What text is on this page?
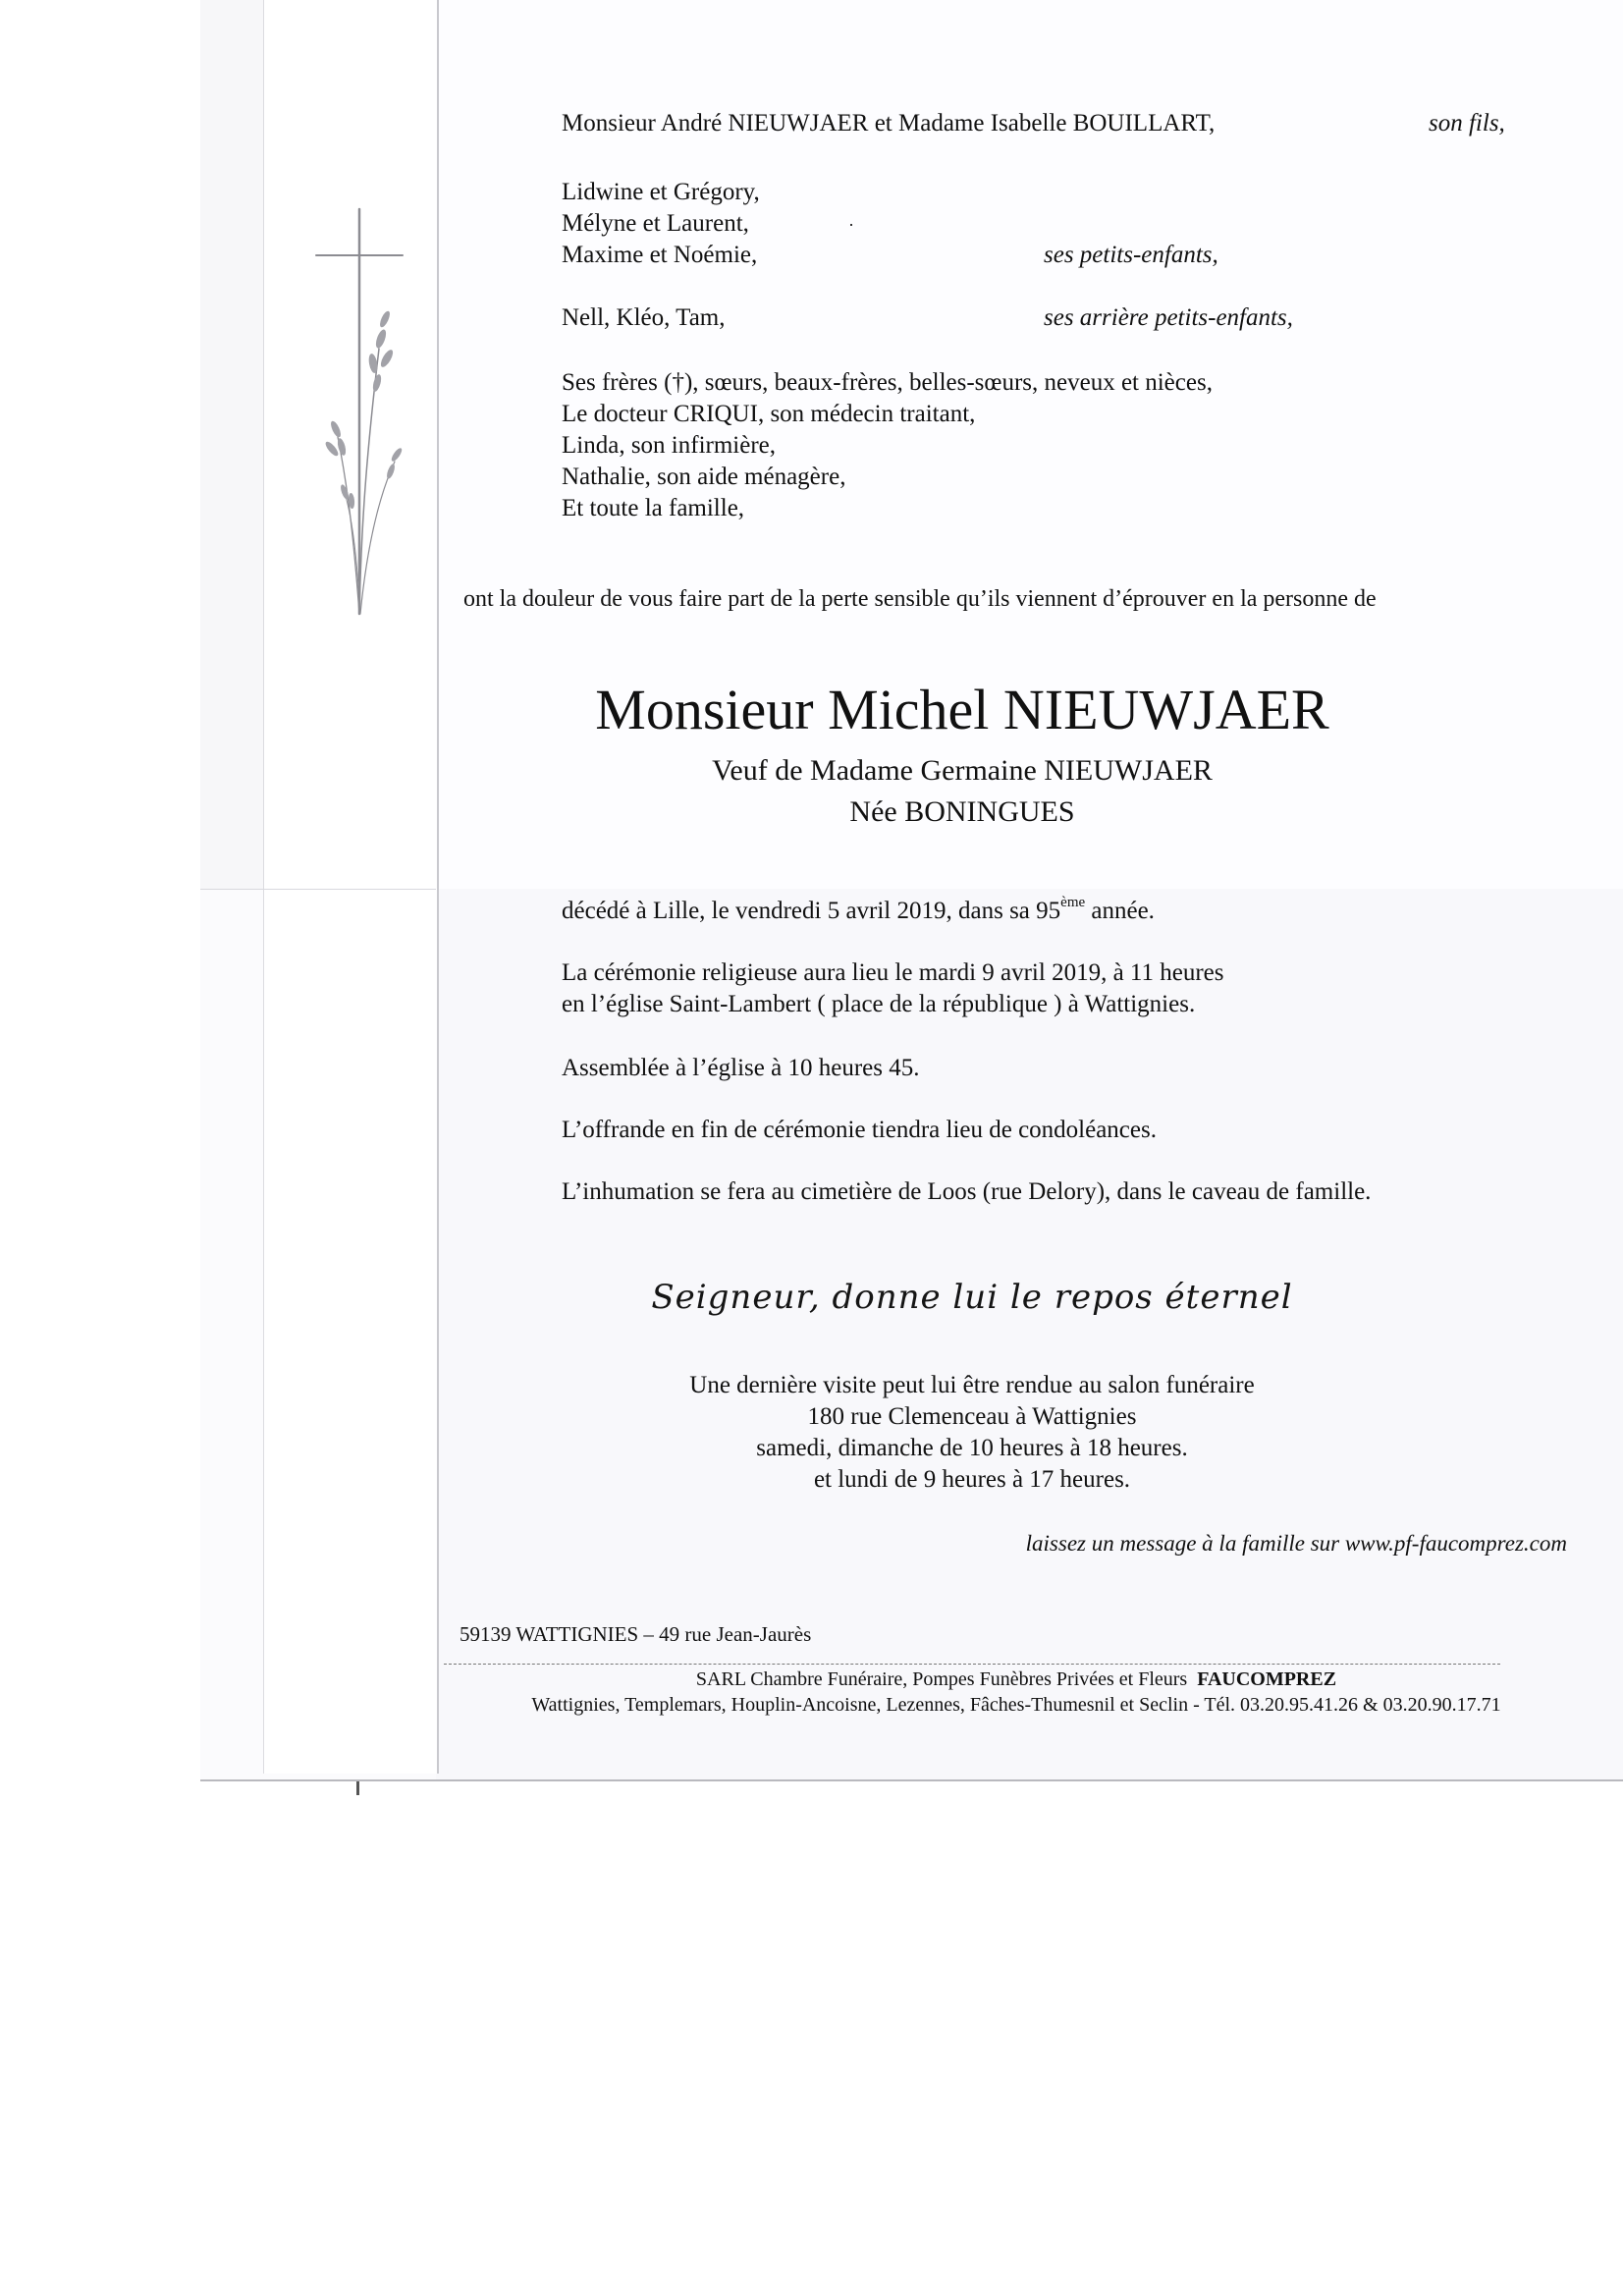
Monsieur André NIEUWJAER et Madame Isabelle BOUILLART,	son fils,
Lidwine et Grégory,
Mélyne et Laurent,
Maxime et Noémie,	ses petits-enfants,
Nell, Kléo, Tam,	ses arrière petits-enfants,
Ses frères (†), sœurs, beaux-frères, belles-sœurs, neveux et nièces,
Le docteur CRIQUI, son médecin traitant,
Linda, son infirmière,
Nathalie, son aide ménagère,
Et toute la famille,
ont la douleur de vous faire part de la perte sensible qu’ils viennent d’éprouver en la personne de
Monsieur Michel NIEUWJAER
Veuf de Madame Germaine NIEUWJAER
Née BONINGUES
décédé à Lille, le vendredi 5 avril 2019, dans sa 95ème année.
La cérémonie religieuse aura lieu le mardi 9 avril 2019, à 11 heures
en l’église Saint-Lambert ( place de la république ) à Wattignies.
Assemblée à l’église à 10 heures 45.
L’offrande en fin de cérémonie tiendra lieu de condoléances.
L’inhumation se fera au cimetière de Loos (rue Delory), dans le caveau de famille.
Seigneur, donne lui le repos éternel
Une dernière visite peut lui être rendue au salon funéraire
180 rue Clemenceau à Wattignies
samedi, dimanche de 10 heures à 18 heures.
et lundi de 9 heures à 17 heures.
laissez un message à la famille sur www.pf-faucomprez.com
59139 WATTIGNIES – 49 rue Jean-Jaurès
SARL Chambre Funéraire, Pompes Funèbres Privées et Fleurs FAUCOMPREZ
Wattignies, Templemars, Houplin-Ancoisne, Lezennes, Fâches-Thumesnil et Seclin - Tél. 03.20.95.41.26 & 03.20.90.17.71
